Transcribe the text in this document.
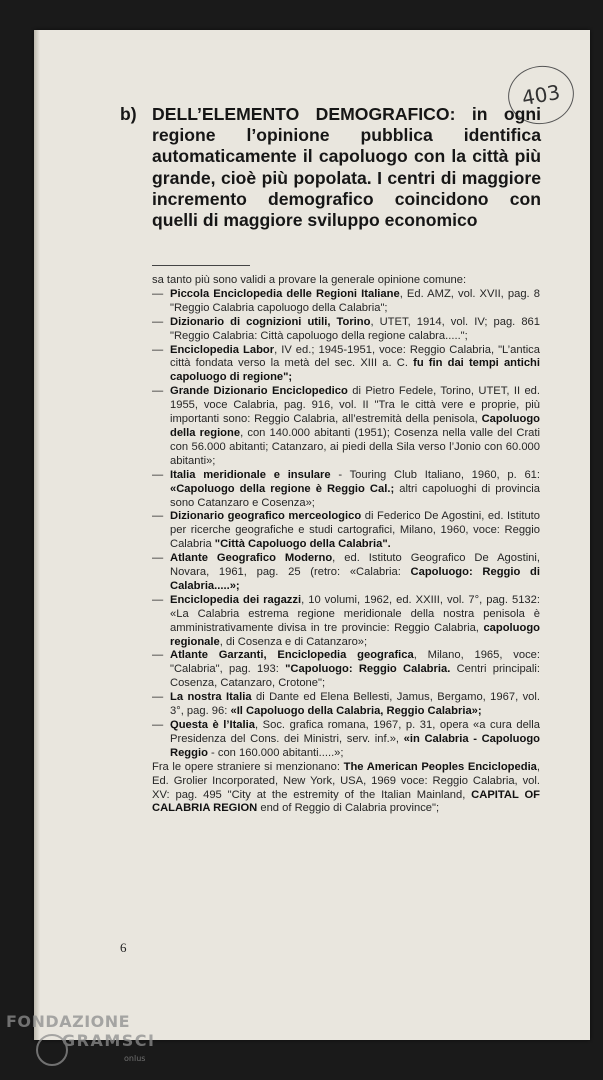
403
b) DELL’ELEMENTO DEMOGRAFICO: in ogni regione l’opinione pubblica identifica automaticamente il capoluogo con la città più grande, cioè più popolata. I centri di maggiore incremento demografico coincidono con quelli di maggiore sviluppo economico

sa tanto più sono validi a provare la generale opinione comune:

— Piccola Enciclopedia delle Regioni Italiane, Ed. AMZ, vol. XVII, pag. 8 "Reggio Calabria capoluogo della Calabria";

— Dizionario di cognizioni utili, Torino, UTET, 1914, vol. IV; pag. 861 "Reggio Calabria: Città capoluogo della regione calabra.....";

— Enciclopedia Labor, IV ed.; 1945-1951, voce: Reggio Calabria, "L’antica città fondata verso la metà del sec. XIII a. C. fu fin dai tempi antichi capoluogo di regione";

— Grande Dizionario Enciclopedico di Pietro Fedele, Torino, UTET, II ed. 1955, voce Calabria, pag. 916, vol. II "Tra le città vere e proprie, più importanti sono: Reggio Calabria, all’estremità della penisola, Capoluogo della regione, con 140.000 abitanti (1951); Cosenza nella valle del Crati con 56.000 abitanti; Catanzaro, ai piedi della Sila verso l’Jonio con 60.000 abitanti»;

— Italia meridionale e insulare - Touring Club Italiano, 1960, p. 61: «Capoluogo della regione è Reggio Cal.; altri capoluoghi di provincia sono Catanzaro e Cosenza»;

— Dizionario geografico merceologico di Federico De Agostini, ed. Istituto per ricerche geografiche e studi cartografici, Milano, 1960, voce: Reggio Calabria "Città Capoluogo della Calabria".

— Atlante Geografico Moderno, ed. Istituto Geografico De Agostini, Novara, 1961, pag. 25 (retro: «Calabria: Capoluogo: Reggio di Calabria.....»;

— Enciclopedia dei ragazzi, 10 volumi, 1962, ed. XXIII, vol. 7°, pag. 5132: «La Calabria estrema regione meridionale della nostra penisola è amministrativamente divisa in tre provincie: Reggio Calabria, capoluogo regionale, di Cosenza e di Catanzaro»;

— Atlante Garzanti, Enciclopedia geografica, Milano, 1965, voce: "Calabria", pag. 193: "Capoluogo: Reggio Calabria. Centri principali: Cosenza, Catanzaro, Crotone";

— La nostra Italia di Dante ed Elena Bellesti, Jamus, Bergamo, 1967, vol. 3°, pag. 96: «Il Capoluogo della Calabria, Reggio Calabria»;

— Questa è l’Italia, Soc. grafica romana, 1967, p. 31, opera «a cura della Presidenza del Cons. dei Ministri, serv. inf.», «in Calabria - Capoluogo Reggio - con 160.000 abitanti.....»;

Fra le opere straniere si menzionano: The American Peoples Enciclopedia, Ed. Grolier Incorporated, New York, USA, 1969 voce: Reggio Calabria, vol. XV: pag. 495 "City at the estremity of the Italian Mainland, CAPITAL OF CALABRIA REGION end of Reggio di Calabria province";

6
FONDAZIONE
GRAMSCI
onlus
